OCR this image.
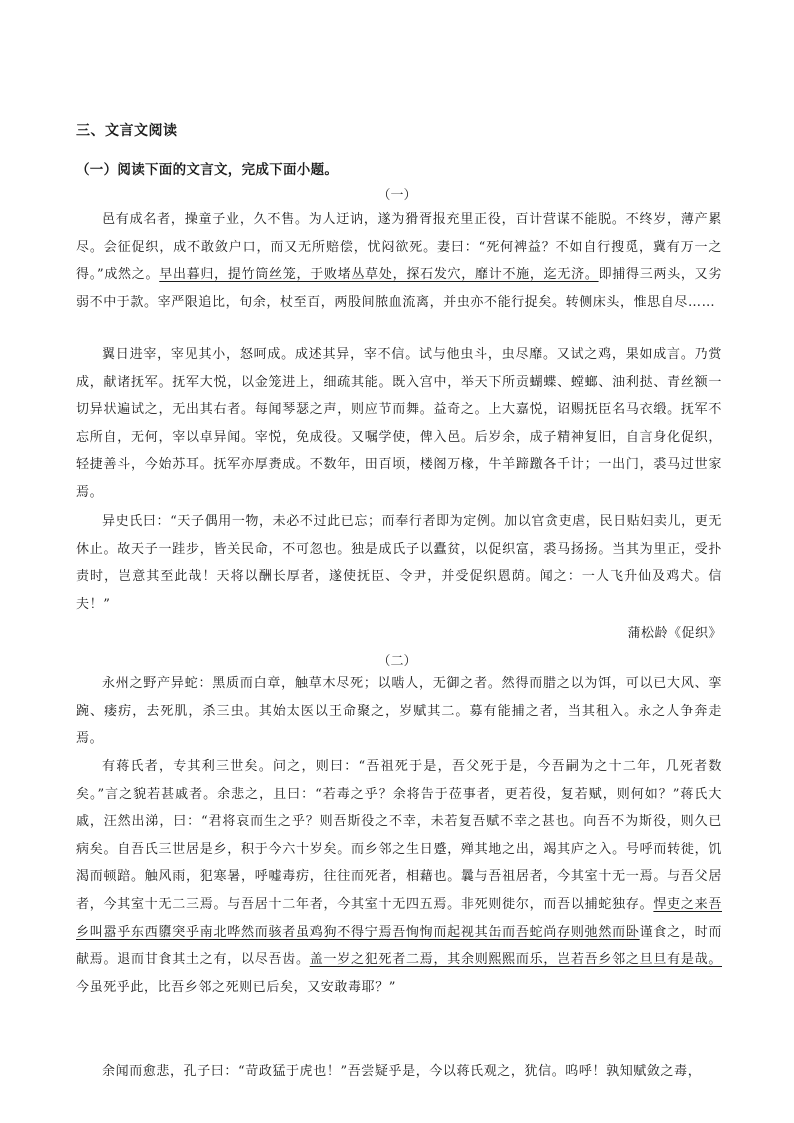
三、文言文阅读
（一）阅读下面的文言文，完成下面小题。
（一）

邑有成名者，操童子业，久不售。为人迂讷，遂为猾胥报充里正役，百计营谋不能脱。不终岁，薄产累尽。会征促织，成不敢敛户口，而又无所赔偿，忧闷欲死。妻曰：“死何裨益？不如自行搜觅，冀有万一之得。”成然之。早出暮归，提竹筒丝笼，于败堵丛草处，探石发穴，靡计不施，迄无济。即捕得三两头，又劣弱不中于款。宰严限追比，旬余，杖至百，两股间脓血流离，并虫亦不能行捉矣。转侧床头，惟思自尽……

翼日进宰，宰见其小，怒呵成。成述其异，宰不信。试与他虫斗，虫尽靡。又试之鸡，果如成言。乃赏成，献诸抚军。抚军大悦，以金笼进上，细疏其能。既入宫中，举天下所贡蝴蝶、螳螂、油利挞、青丝额一切异状遍试之，无出其右者。每闻琴瑟之声，则应节而舞。益奇之。上大嘉悦，诏赐抚臣名马衣缎。抚军不忘所自，无何，宰以卓异闻。宰悦，免成役。又嘱学使，俾入邑。后岁余，成子精神复旧，自言身化促织，轻捷善斗，今始苏耳。抚军亦厚赉成。不数年，田百顷，楼阁万椽，牛羊蹄躈各千计；一出门，裘马过世家焉。

异史氏曰：“天子偶用一物，未必不过此已忘；而奉行者即为定例。加以官贪吏虐，民日贴妇卖儿，更无休止。故天子一跬步，皆关民命，不可忽也。独是成氏子以蠹贫，以促织富，裘马扬扬。当其为里正，受扑责时，岂意其至此哉！天将以酬长厚者，遂使抚臣、令尹，并受促织恩荫。闻之：一人飞升仙及鸡犬。信夫！”

蒲松龄《促织》
（二）

永州之野产异蛇：黑质而白章，触草木尽死；以啮人，无御之者。然得而腊之以为饵，可以已大风、挛踠、瘘疠，去死肌，杀三虫。其始太医以王命聚之，岁赋其二。募有能捕之者，当其租入。永之人争奔走焉。

有蒋氏者，专其利三世矣。问之，则曰：“吾祖死于是，吾父死于是，今吾嗣为之十二年，几死者数矣。”言之貌若甚戚者。余悲之，且曰：“若毒之乎？余将告于莅事者，更若役，复若赋，则何如？”蒋氏大戚，汪然出涕，曰：“君将哀而生之乎？则吾斯役之不幸，未若复吾赋不幸之甚也。向吾不为斯役，则久已病矣。自吾氏三世居是乡，积于今六十岁矣。而乡邻之生日蹙，殚其地之出，竭其庐之入。号呼而转徙，饥渴而顿踣。触风雨，犯寒暑，呼嘘毒疠，往往而死者，相藉也。曩与吾祖居者，今其室十无一焉。与吾父居者，今其室十无二三焉。与吾居十二年者，今其室十无四五焉。非死则徙尔，而吾以捕蛇独存。悍吏之来吾乡叫嚣乎东西隳突乎南北哗然而骇者虽鸡狗不得宁焉吾恂恂而起视其缶而吾蛇尚存则弛然而卧谨食之，时而献焉。退而甘食其土之有，以尽吾齿。盖一岁之犯死者二焉，其余则熙熙而乐，岂若吾乡邻之旦旦有是哉。今虽死乎此，比吾乡邻之死则已后矣，又安敢毒耶？”

余闻而愈悲，孔子曰：“苛政猛于虎也！”吾尝疑乎是，今以蒋氏观之，犹信。呜呼！孰知赋敛之毒，
